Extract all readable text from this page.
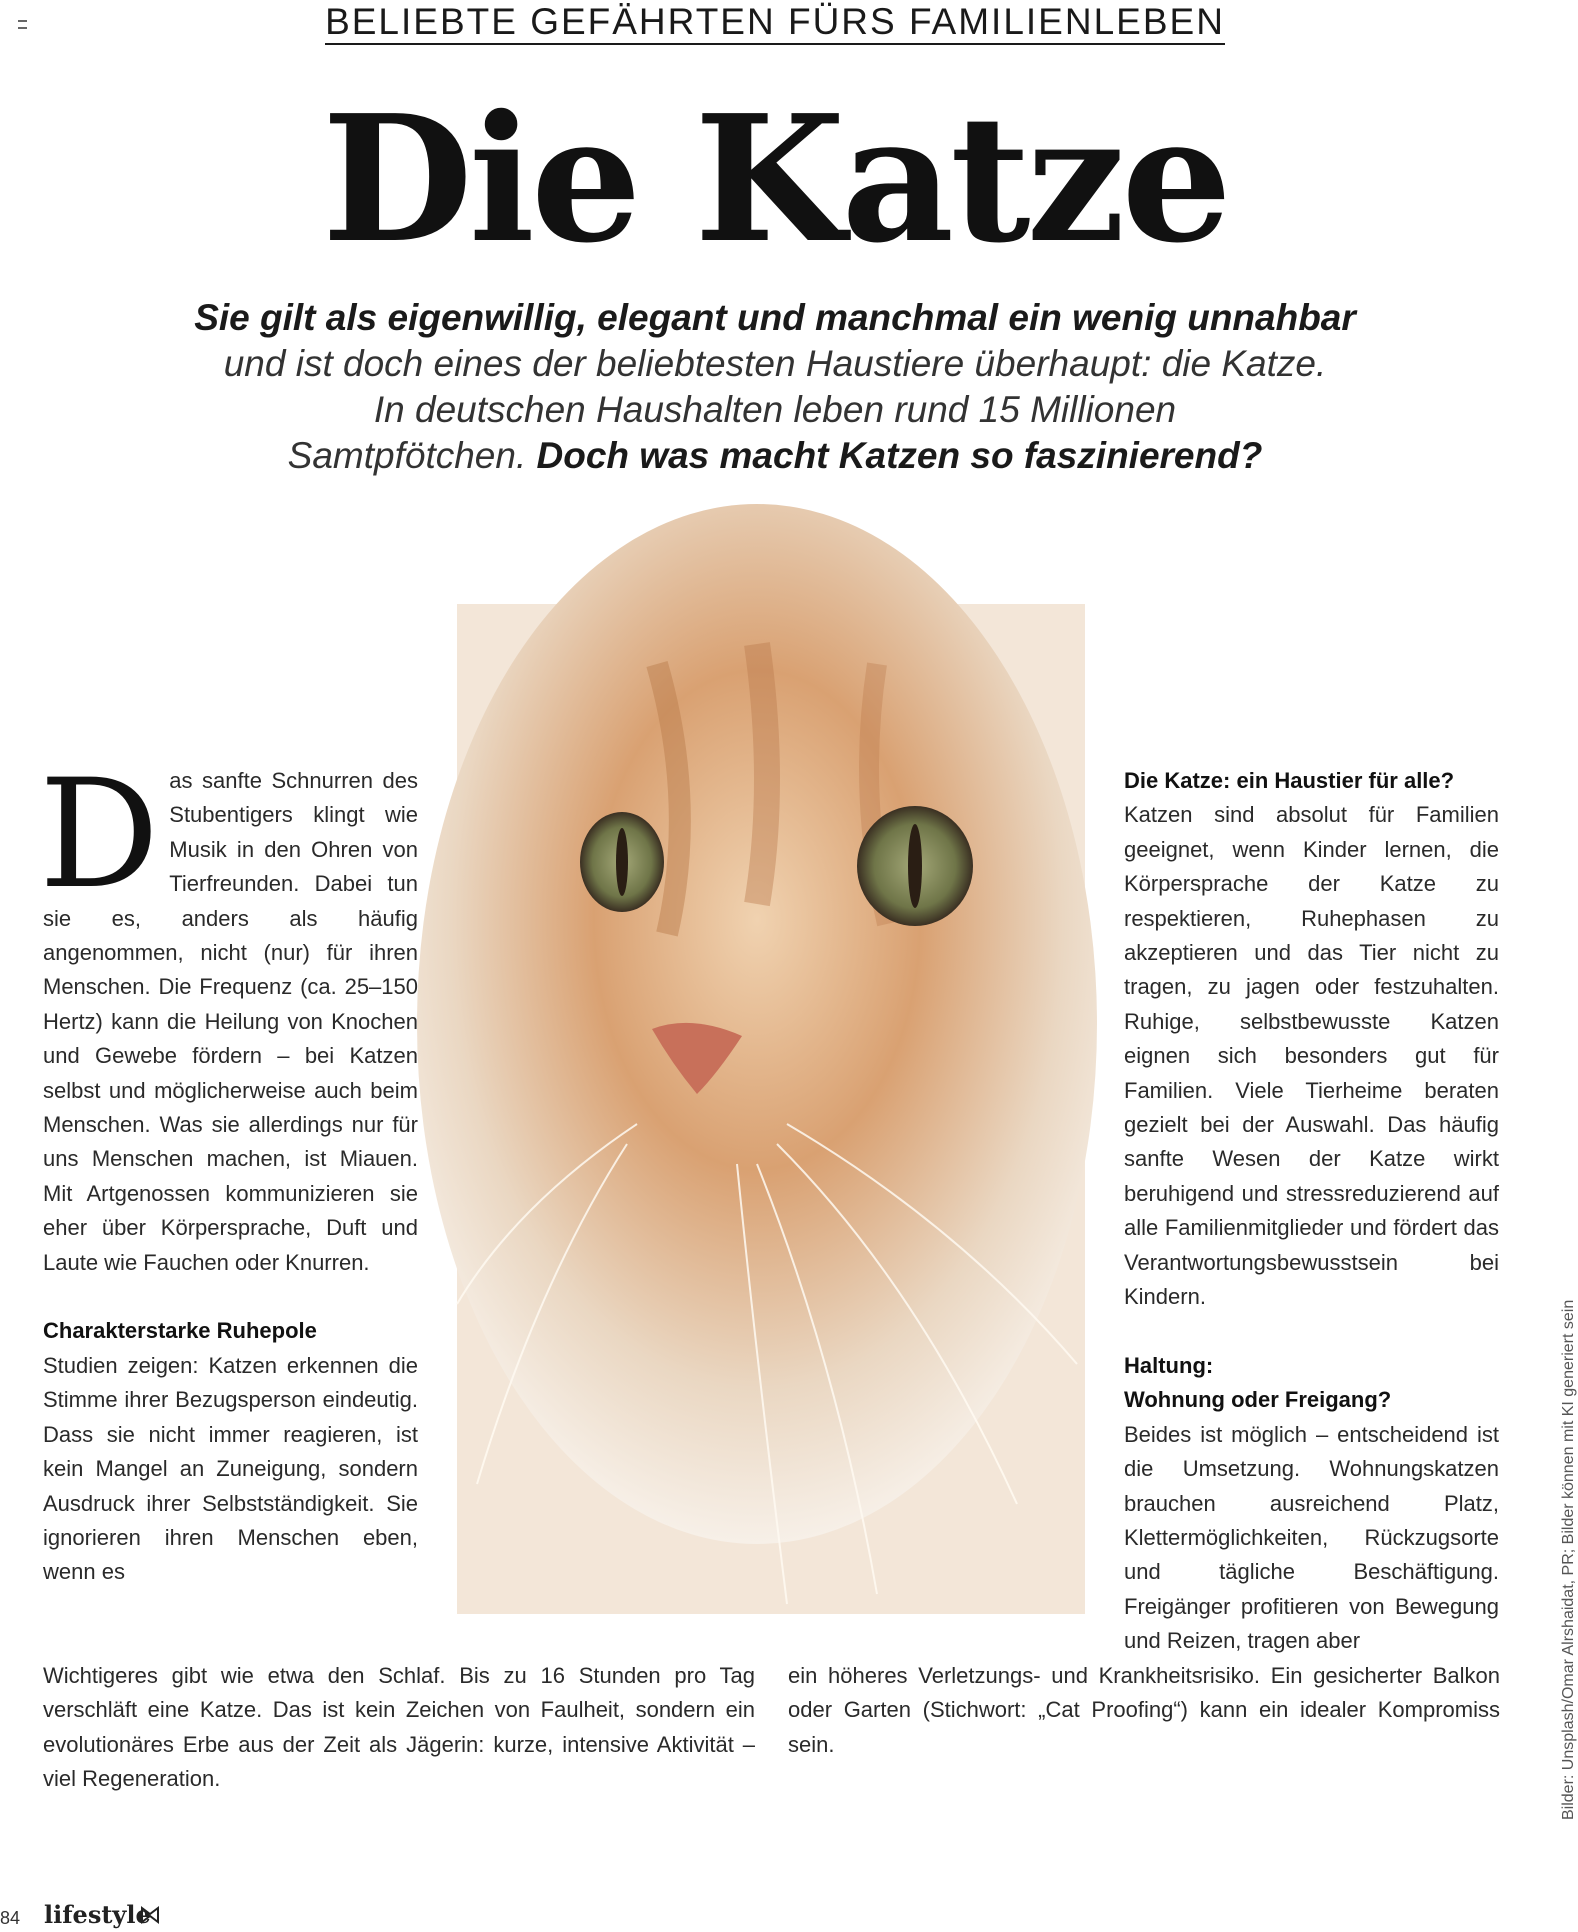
BELIEBTE GEFÄHRTEN FÜRS FAMILIENLEBEN
Die Katze
Sie gilt als eigenwillig, elegant und manchmal ein wenig unnahbar
und ist doch eines der beliebtesten Haustiere überhaupt: die Katze.
In deutschen Haushalten leben rund 15 Millionen
Samtpfötchen. Doch was macht Katzen so faszinierend?
D as sanfte Schnurren des Stubentigers klingt wie Musik in den Ohren von Tierfreunden. Dabei tun sie es, anders als häufig angenommen, nicht (nur) für ihren Menschen. Die Frequenz (ca. 25–150 Hertz) kann die Heilung von Knochen und Gewebe fördern – bei Katzen selbst und möglicherweise auch beim Menschen. Was sie allerdings nur für uns Menschen machen, ist Miauen. Mit Artgenossen kommunizieren sie eher über Körpersprache, Duft und Laute wie Fauchen oder Knurren.

Charakterstarke Ruhepole

Studien zeigen: Katzen erkennen die Stimme ihrer Bezugsperson eindeutig. Dass sie nicht immer reagieren, ist kein Mangel an Zuneigung, sondern Ausdruck ihrer Selbstständigkeit. Sie ignorieren ihren Menschen eben, wenn es

Die Katze: ein Haustier für alle?

Katzen sind absolut für Familien geeignet, wenn Kinder lernen, die Körpersprache der Katze zu respektieren, Ruhephasen zu akzeptieren und das Tier nicht zu tragen, zu jagen oder festzuhalten. Ruhige, selbstbewusste Katzen eignen sich besonders gut für Familien. Viele Tierheime beraten gezielt bei der Auswahl. Das häufig sanfte Wesen der Katze wirkt beruhigend und stressreduzierend auf alle Familienmitglieder und fördert das Verantwortungsbewusstsein bei Kindern.

Haltung:
Wohnung oder Freigang?

Beides ist möglich – entscheidend ist die Umsetzung. Wohnungskatzen brauchen ausreichend Platz, Klettermöglichkeiten, Rückzugsorte und tägliche Beschäftigung. Freigänger profitieren von Bewegung und Reizen, tragen aber

Wichtigeres gibt wie etwa den Schlaf. Bis zu 16 Stunden pro Tag verschläft eine Katze. Das ist kein Zeichen von Faulheit, sondern ein evolutionäres Erbe aus der Zeit als Jägerin: kurze, intensive Aktivität – viel Regeneration.
ein höheres Verletzungs- und Krankheitsrisiko. Ein gesicherter Balkon oder Garten (Stichwort: „Cat Proofing“) kann ein idealer Kompromiss sein.	Bilder: Unsplash/Omar Alrshaidat, PR; Bilder können mit KI generiert sein
84 lifestyle
